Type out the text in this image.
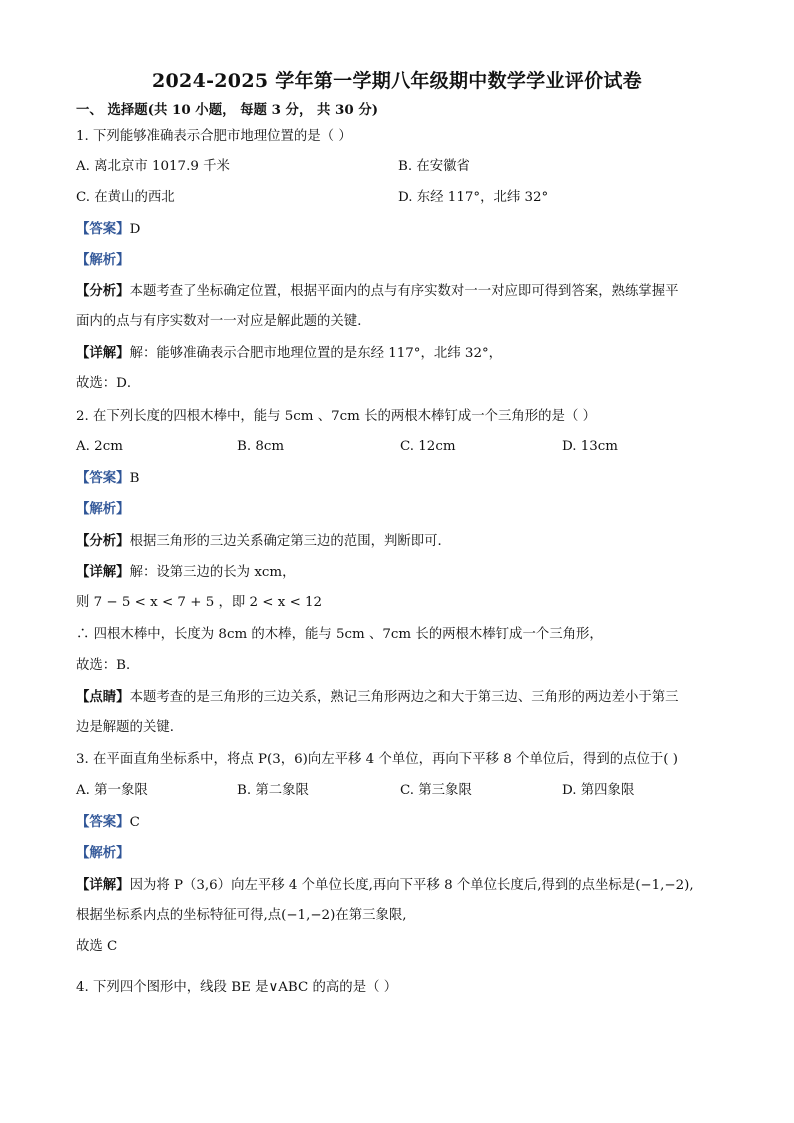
2024-2025 学年第一学期八年级期中数学学业评价试卷
一、 选择题(共 10 小题， 每题 3 分， 共 30 分)
1. 下列能够准确表示合肥市地理位置的是（ ）
A. 离北京市 1017.9 千米	B. 在安徽省
C. 在黄山的西北	D. 东经 117°，北纬 32°
【答案】D
【解析】
【分析】本题考查了坐标确定位置，根据平面内的点与有序实数对一一对应即可得到答案，熟练掌握平
面内的点与有序实数对一一对应是解此题的关键．
【详解】解：能够准确表示合肥市地理位置的是东经 117°，北纬 32°，
故选：D．
2. 在下列长度的四根木棒中，能与 5cm 、7cm 长的两根木棒钉成一个三角形的是（ ）
A. 2cm	B. 8cm	C. 12cm	D. 13cm
【答案】B
【解析】
【分析】根据三角形的三边关系确定第三边的范围，判断即可．
【详解】解：设第三边的长为 xcm，
则 7 − 5 < x < 7 + 5 ，即 2 < x < 12
∴ 四根木棒中，长度为 8cm 的木棒，能与 5cm 、7cm 长的两根木棒钉成一个三角形，
故选：B．
【点睛】本题考查的是三角形的三边关系，熟记三角形两边之和大于第三边、三角形的两边差小于第三
边是解题的关键．
3. 在平面直角坐标系中，将点 P(3，6)向左平移 4 个单位，再向下平移 8 个单位后，得到的点位于( )
A. 第一象限	B. 第二象限	C. 第三象限	D. 第四象限
【答案】C
【解析】
【详解】因为将 P（3,6）向左平移 4 个单位长度,再向下平移 8 个单位长度后,得到的点坐标是(−1,−2),
根据坐标系内点的坐标特征可得,点(−1,−2)在第三象限,
故选 C
4. 下列四个图形中，线段 BE 是∨ABC 的高的是（ ）
